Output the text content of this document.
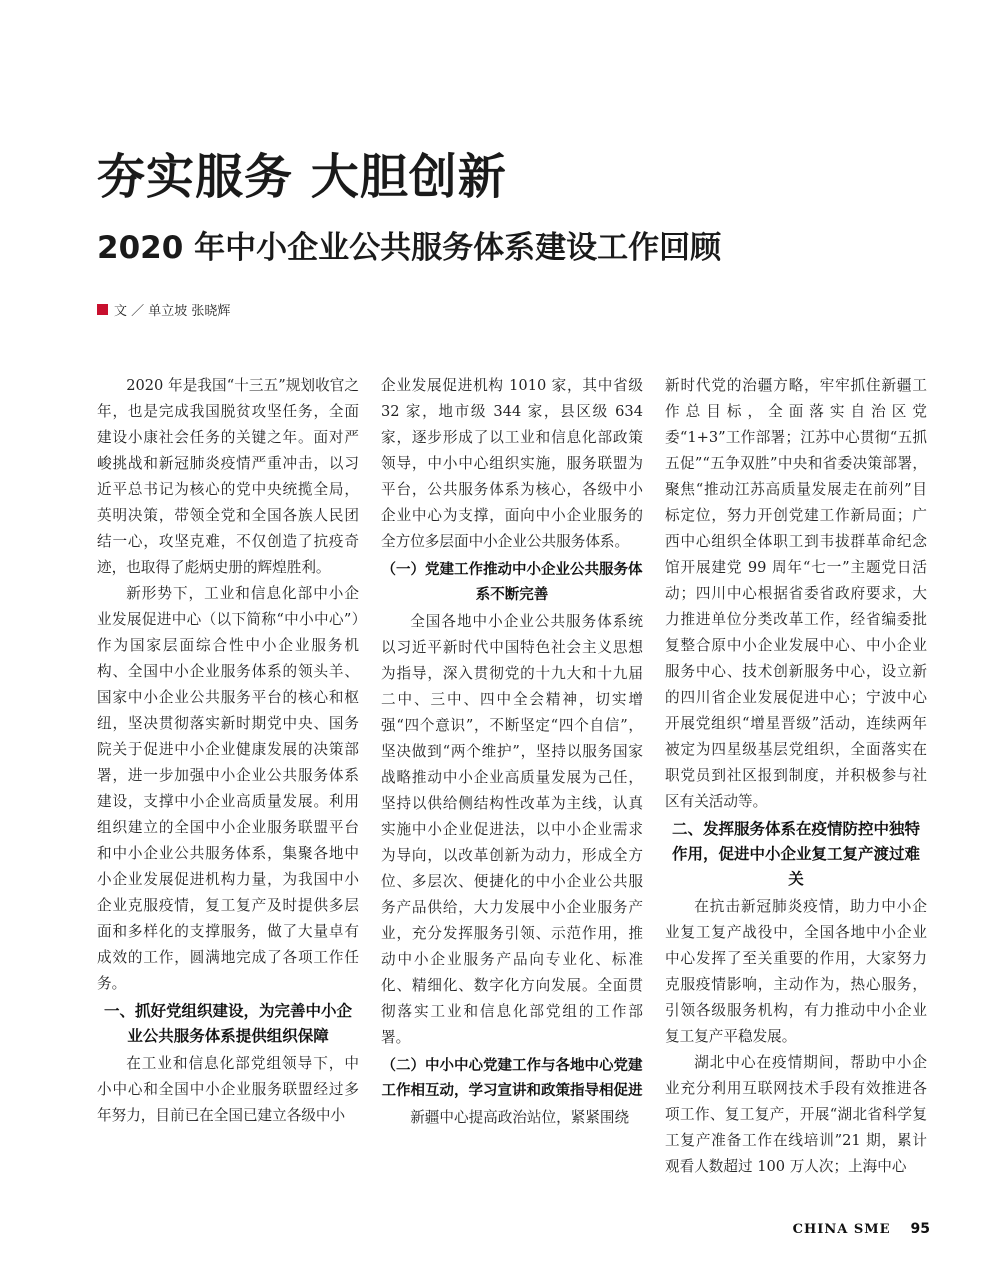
夯实服务 大胆创新
2020 年中小企业公共服务体系建设工作回顾
文 ／ 单立坡 张晓辉

2020 年是我国“十三五”规划收官之年，也是完成我国脱贫攻坚任务，全面建设小康社会任务的关键之年。面对严峻挑战和新冠肺炎疫情严重冲击，以习近平总书记为核心的党中央统揽全局，英明决策，带领全党和全国各族人民团结一心，攻坚克难，不仅创造了抗疫奇迹，也取得了彪炳史册的辉煌胜利。

新形势下，工业和信息化部中小企业发展促进中心（以下简称“中小中心”）作为国家层面综合性中小企业服务机构、全国中小企业服务体系的领头羊、国家中小企业公共服务平台的核心和枢纽，坚决贯彻落实新时期党中央、国务院关于促进中小企业健康发展的决策部署，进一步加强中小企业公共服务体系建设，支撑中小企业高质量发展。利用组织建立的全国中小企业服务联盟平台和中小企业公共服务体系，集聚各地中小企业发展促进机构力量，为我国中小企业克服疫情，复工复产及时提供多层面和多样化的支撑服务，做了大量卓有成效的工作，圆满地完成了各项工作任务。

一、抓好党组织建设，为完善中小企业公共服务体系提供组织保障

在工业和信息化部党组领导下，中小中心和全国中小企业服务联盟经过多年努力，目前已在全国已建立各级中小

企业发展促进机构 1010 家，其中省级 32 家，地市级 344 家，县区级 634 家，逐步形成了以工业和信息化部政策领导，中小中心组织实施，服务联盟为平台，公共服务体系为核心，各级中小企业中心为支撑，面向中小企业服务的全方位多层面中小企业公共服务体系。

（一）党建工作推动中小企业公共服务体系不断完善

全国各地中小企业公共服务体系统以习近平新时代中国特色社会主义思想为指导，深入贯彻党的十九大和十九届二中、三中、四中全会精神，切实增强“四个意识”，不断坚定“四个自信”，坚决做到“两个维护”，坚持以服务国家战略推动中小企业高质量发展为己任，坚持以供给侧结构性改革为主线，认真实施中小企业促进法，以中小企业需求为导向，以改革创新为动力，形成全方位、多层次、便捷化的中小企业公共服务产品供给，大力发展中小企业服务产业，充分发挥服务引领、示范作用，推动中小企业服务产品向专业化、标准化、精细化、数字化方向发展。全面贯彻落实工业和信息化部党组的工作部署。

（二）中小中心党建工作与各地中心党建工作相互动，学习宣讲和政策指导相促进

新疆中心提高政治站位，紧紧围绕

新时代党的治疆方略，牢牢抓住新疆工作总目标，全面落实自治区党委“1+3”工作部署；江苏中心贯彻“五抓五促”“五争双胜”中央和省委决策部署，聚焦“推动江苏高质量发展走在前列”目标定位，努力开创党建工作新局面；广西中心组织全体职工到韦拔群革命纪念馆开展建党 99 周年“七一”主题党日活动；四川中心根据省委省政府要求，大力推进单位分类改革工作，经省编委批复整合原中小企业发展中心、中小企业服务中心、技术创新服务中心，设立新的四川省企业发展促进中心；宁波中心开展党组织“增星晋级”活动，连续两年被定为四星级基层党组织，全面落实在职党员到社区报到制度，并积极参与社区有关活动等。

二、发挥服务体系在疫情防控中独特作用，促进中小企业复工复产渡过难关

在抗击新冠肺炎疫情，助力中小企业复工复产战役中，全国各地中小企业中心发挥了至关重要的作用，大家努力克服疫情影响，主动作为，热心服务，引领各级服务机构，有力推动中小企业复工复产平稳发展。

湖北中心在疫情期间，帮助中小企业充分利用互联网技术手段有效推进各项工作、复工复产，开展“湖北省科学复工复产准备工作在线培训”21 期，累计观看人数超过 100 万人次；上海中心

CHINA SME 95
